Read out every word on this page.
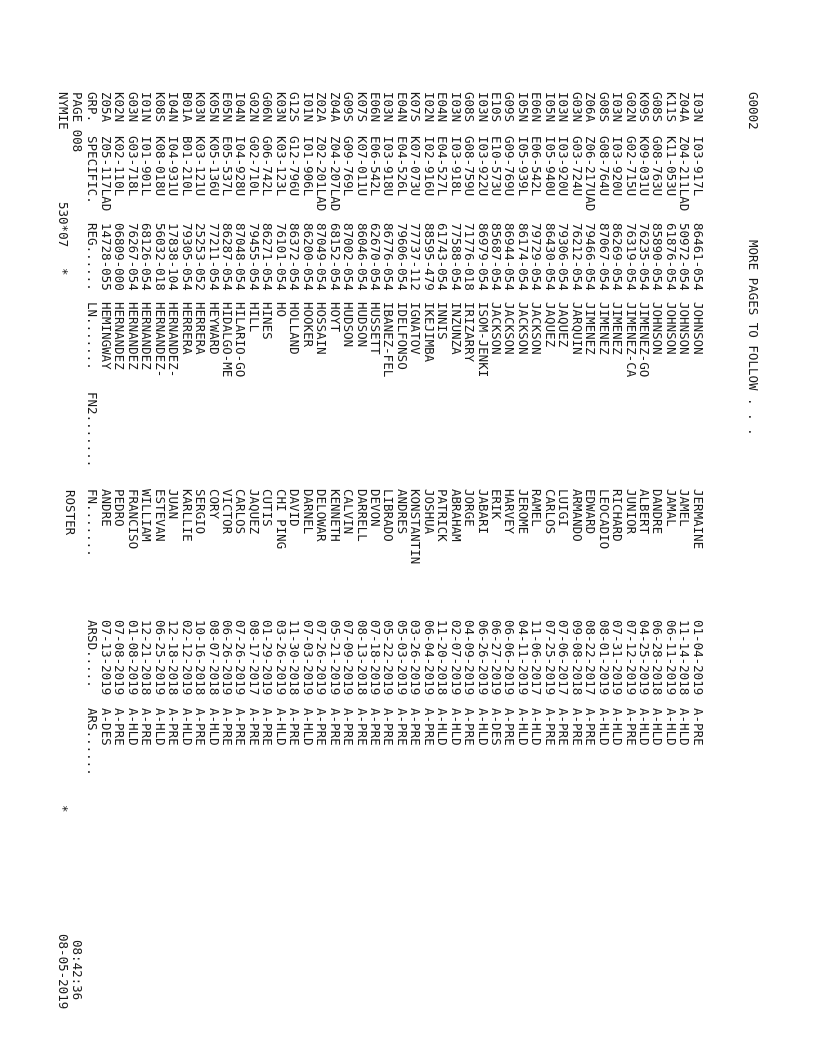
NYMIE
530*07
*
PAGE 008
ROSTER
*
08-05-2019 08:42:36

GRP.

SPECIFIC.

REG......

LN.......

FN2.......

FN.......

ARSD.....

ARS......

Z05A
Z05-117LAD
14728-055
HEMINGWAY
ANDRE
07-13-2019
A-DES
K02N
K02-110L
06809-000
HERNANDEZ
PEDRO
07-08-2019
A-PRE
G03N
G03-718L
76267-054
HERNANDEZ
FRANCISO
01-08-2019
A-HLD
I01N
I01-901L
68126-054
HERNANDEZ
WILLIAM
12-21-2018
A-PRE
K08S
K08-018U
56032-018
HERNANDEZ-
ESTEVAN
06-25-2019
A-HLD
I04N
I04-931U
17838-104
HERNANDEZ-
JUAN
12-18-2018
A-PRE
B01A
B01-210L
79305-054
HERRERA
KARLLIE
02-12-2019
A-HLD
K03N
K03-121U
25253-052
HERRERA
SERGIO
10-16-2018
A-PRE
K05N
K05-136U
77211-054
HEYWARD
CORY
08-07-2018
A-HLD
E05N
E05-537L
86287-054
HIDALGO-ME
VICTOR
06-26-2019
A-PRE
I04N
I04-928U
87048-054
HILARIO-GO
CARLOS
07-26-2019
A-PRE
G02N
G02-710L
79455-054
HILL
JAQUEZ
08-17-2017
A-PRE
G06N
G06-742L
86271-054
HINES
CUTIS
01-29-2019
A-PRE
K03N
K03-123L
76101-054
HO
CHI PING
03-26-2019
A-HLD
G12S
G12-796U
86372-054
HOLLAND
DAVID
11-30-2018
A-PRE
I01N
I01-906L
86200-054
HOOKER
DARNEL
07-03-2019
A-HLD
Z02A
Z02-201LAD
87049-054
HOSSAIN
DELOWAR
07-26-2019
A-PRE
Z04A
Z04-207LAD
68152-054
HOYT
KENNETH
05-21-2019
A-PRE
G09S
G09-769L
87002-054
HUDSON
CALVIN
07-09-2019
A-PRE
K07S
K07-011U
86046-054
HUDSON
DARRELL
08-13-2018
A-PRE
E06N
E06-542L
62670-054
HUSSETT
DEVON
07-18-2019
A-PRE
I03N
I03-918U
86776-054
IBANEZ-FEL
LIBRADO
05-22-2019
A-PRE
E04N
E04-526L
79606-054
IDELFONSO
ANDRES
05-03-2019
A-PRE
K07S
K07-073U
77737-112
IGNATOV
KONSTANTIN
03-26-2019
A-PRE
I02N
I02-916U
88595-479
IKEJIMBA
JOSHUA
06-04-2019
A-PRE
E04N
E04-527L
61743-054
INNIS
PATRICK
11-20-2018
A-HLD
I03N
I03-918L
77588-054
INZUNZA
ABRAHAM
02-07-2019
A-HLD
G08S
G08-759U
71776-018
IRIZARRY
JORGE
04-09-2019
A-PRE
I03N
I03-922U
86979-054
ISOM-JENKI
JABARI
06-26-2019
A-HLD
E10S
E10-573U
85687-054
JACKSON
ERIK
06-27-2019
A-DES
G09S
G09-769U
86944-054
JACKSON
HARVEY
06-06-2019
A-PRE
I05N
I05-939L
86174-054
JACKSON
JEROME
04-11-2019
A-HLD
E06N
E06-542L
79729-054
JACKSON
RAMEL
11-06-2017
A-HLD
I05N
I05-940U
86430-054
JAQUEZ
CARLOS
07-25-2019
A-PRE
I03N
I03-920U
79306-054
JAQUEZ
LUIGI
07-06-2017
A-PRE
G03N
G03-724U
76212-054
JARQUIN
ARMANDO
09-08-2018
A-PRE
Z06A
Z06-217UAD
79466-054
JIMENEZ
EDWARD
08-22-2017
A-PRE
G08S
G08-764U
87067-054
JIMENEZ
LEOCADIO
08-01-2019
A-HLD
I03N
I03-920U
86269-054
JIMENEZ
RICHARD
07-31-2019
A-HLD
G02N
G02-715U
76319-054
JIMENEZ-CA
JUNIOR
07-12-2019
A-PRE
K09S
K09-031U
76235-054
JIMENEZ-GO
ALBERT
04-25-2019
A-HLD
G08S
G08-763U
85890-054
JOHNSON
DANDRE
06-28-2018
A-HLD
K11S
K11-053U
61876-054
JOHNSON
JAMAL
06-11-2019
A-HLD
Z04A
Z04-211LAD
50972-054
JOHNSON
JAMEL
11-14-2018
A-HLD
I03N
I03-917L
86461-054
JOHNSON
JERMAINE
01-04-2019
A-PRE
G0002
MORE PAGES TO FOLLOW . . .
